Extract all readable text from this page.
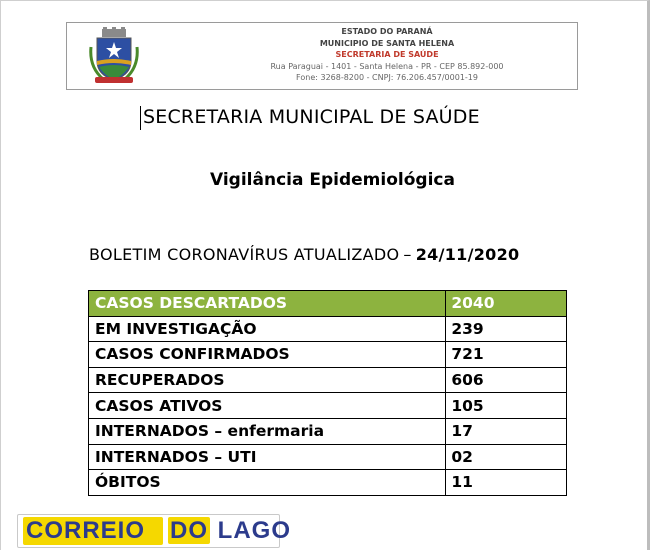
ESTADO DO PARANÁ
MUNICIPIO DE SANTA HELENA
SECRETARIA DE SAÚDE
Rua Paraguai - 1401 - Santa Helena - PR - CEP 85.892-000
Fone: 3268-8200 - CNPJ: 76.206.457/0001-19
SECRETARIA MUNICIPAL DE SAÚDE
Vigilância Epidemiológica
BOLETIM CORONAVÍRUS ATUALIZADO – 24/11/2020
CASOS DESCARTADOS	2040
EM INVESTIGAÇÃO	239
CASOS CONFIRMADOS	721
RECUPERADOS	606
CASOS ATIVOS	105
INTERNADOS – enfermaria	17
INTERNADOS – UTI	02
ÓBITOS	11
CORREIO	DO LAGO
